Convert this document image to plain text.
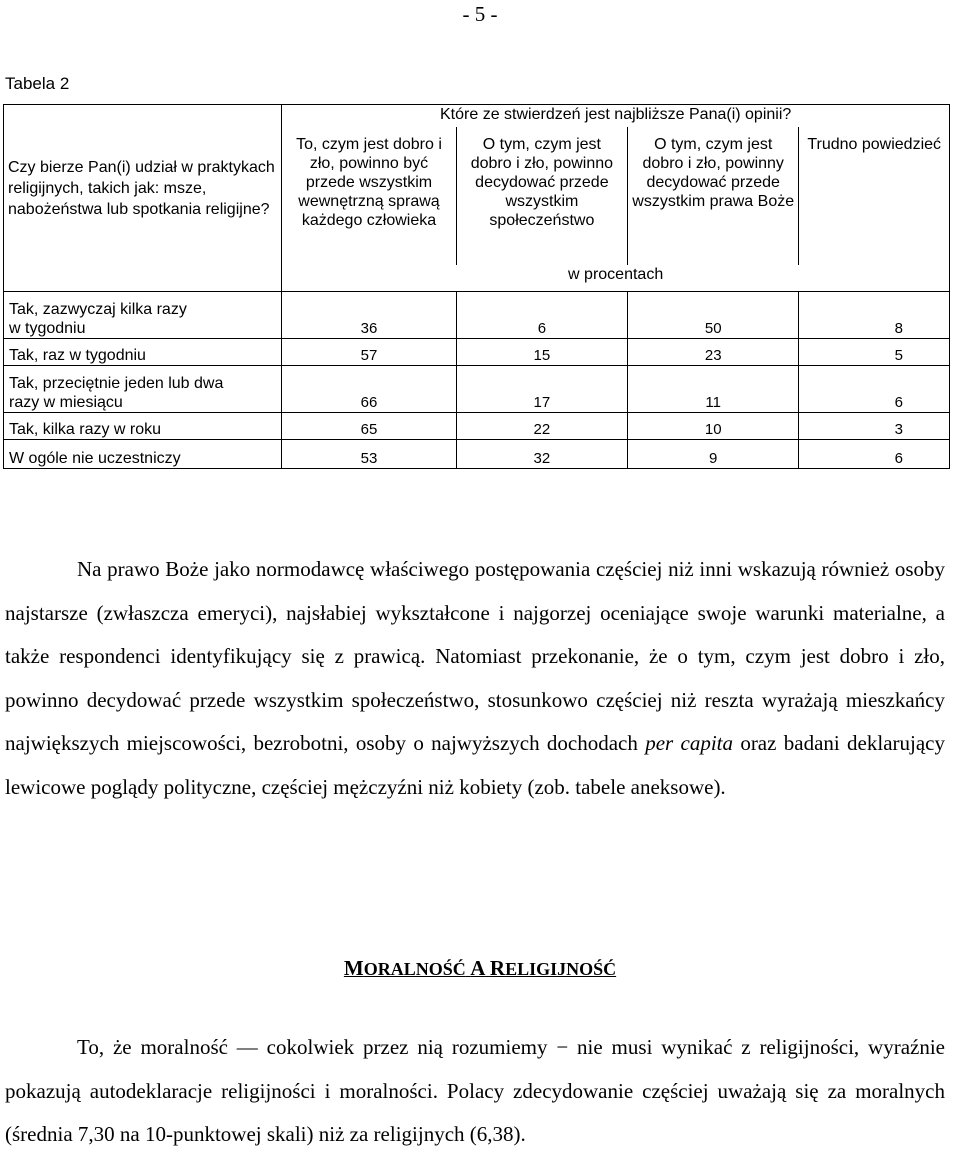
- 5 -
Tabela 2
Czy bierze Pan(i) udział w praktykach religijnych, takich jak: msze, nabożeństwa lub spotkania religijne?	Które ze stwierdzeń jest najbliższe Pana(i) opinii?			
	To, czym jest dobro i zło, powinno być przede wszystkim wewnętrzną sprawą każdego człowieka	O tym, czym jest dobro i zło, powinno decydować przede wszystkim społeczeństwo	O tym, czym jest dobro i zło, powinny decydować przede wszystkim prawa Boże	Trudno powiedzieć
	w procentach			
Tak, zazwyczaj kilka razy
w tygodniu	36	6	50	8
Tak, raz w tygodniu	57	15	23	5
Tak, przeciętnie jeden lub dwa
razy w miesiącu	66	17	11	6
Tak, kilka razy w roku	65	22	10	3
W ogóle nie uczestniczy	53	32	9	6

Na prawo Boże jako normodawcę właściwego postępowania częściej niż inni wskazują również osoby najstarsze (zwłaszcza emeryci), najsłabiej wykształcone i najgorzej oceniające swoje warunki materialne, a także respondenci identyfikujący się z prawicą. Natomiast przekonanie, że o tym, czym jest dobro i zło, powinno decydować przede wszystkim społeczeństwo, stosunkowo częściej niż reszta wyrażają mieszkańcy największych miejscowości, bezrobotni, osoby o najwyższych dochodach per capita oraz badani deklarujący lewicowe poglądy polityczne, częściej mężczyźni niż kobiety (zob. tabele aneksowe).

MORALNOŚĆ A RELIGIJNOŚĆ

To, że moralność — cokolwiek przez nią rozumiemy − nie musi wynikać z religijności, wyraźnie pokazują autodeklaracje religijności i moralności. Polacy zdecydowanie częściej uważają się za moralnych (średnia 7,30 na 10-punktowej skali) niż za religijnych (6,38).
